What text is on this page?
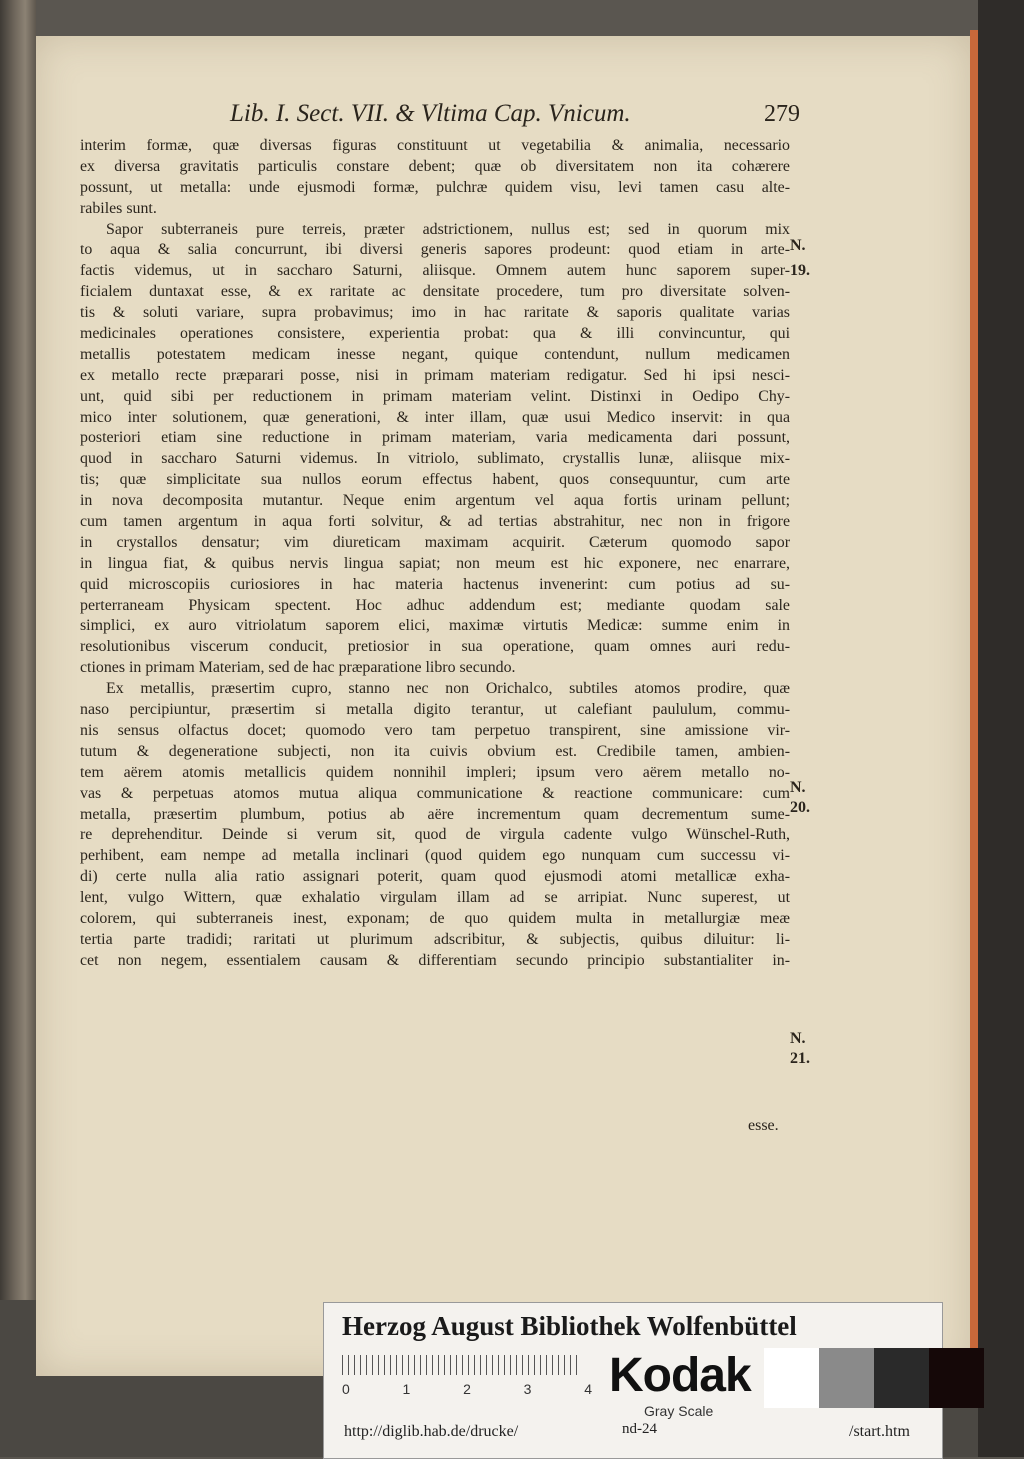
Lib. I. Sect. VII. & Vltima Cap. Vnicum.	279
interim formæ, quæ diversas figuras constituunt ut vegetabilia & animalia, necessario
ex diversa gravitatis particulis constare debent; quæ ob diversitatem non ita cohærere
possunt, ut metalla: unde ejusmodi formæ, pulchræ quidem visu, levi tamen casu alte-
rabiles sunt.
Sapor subterraneis pure terreis, præter adstrictionem, nullus est; sed in quorum mix
to aqua & salia concurrunt, ibi diversi generis sapores prodeunt: quod etiam in arte-
factis videmus, ut in saccharo Saturni, aliisque. Omnem autem hunc saporem super-
ficialem duntaxat esse, & ex raritate ac densitate procedere, tum pro diversitate solven-
tis & soluti variare, supra probavimus; imo in hac raritate & saporis qualitate varias
medicinales operationes consistere, experientia probat: qua & illi convincuntur, qui
metallis potestatem medicam inesse negant, quique contendunt, nullum medicamen
ex metallo recte præparari posse, nisi in primam materiam redigatur. Sed hi ipsi nesci-
unt, quid sibi per reductionem in primam materiam velint. Distinxi in Oedipo Chy-
mico inter solutionem, quæ generationi, & inter illam, quæ usui Medico inservit: in qua
posteriori etiam sine reductione in primam materiam, varia medicamenta dari possunt,
quod in saccharo Saturni videmus. In vitriolo, sublimato, crystallis lunæ, aliisque mix-
tis; quæ simplicitate sua nullos eorum effectus habent, quos consequuntur, cum arte
in nova decomposita mutantur. Neque enim argentum vel aqua fortis urinam pellunt;
cum tamen argentum in aqua forti solvitur, & ad tertias abstrahitur, nec non in frigore
in crystallos densatur; vim diureticam maximam acquirit. Cæterum quomodo sapor
in lingua fiat, & quibus nervis lingua sapiat; non meum est hic exponere, nec enarrare,
quid microscopiis curiosiores in hac materia hactenus invenerint: cum potius ad su-
perterraneam Physicam spectent. Hoc adhuc addendum est; mediante quodam sale
simplici, ex auro vitriolatum saporem elici, maximæ virtutis Medicæ: summe enim in
resolutionibus viscerum conducit, pretiosior in sua operatione, quam omnes auri redu-
ctiones in primam Materiam, sed de hac præparatione libro secundo.
Ex metallis, præsertim cupro, stanno nec non Orichalco, subtiles atomos prodire, quæ
naso percipiuntur, præsertim si metalla digito terantur, ut calefiant paululum, commu-
nis sensus olfactus docet; quomodo vero tam perpetuo transpirent, sine amissione vir-
tutum & degeneratione subjecti, non ita cuivis obvium est. Credibile tamen, ambien-
tem aërem atomis metallicis quidem nonnihil impleri; ipsum vero aërem metallo no-
vas & perpetuas atomos mutua aliqua communicatione & reactione communicare: cum
metalla, præsertim plumbum, potius ab aëre incrementum quam decrementum sume-
re deprehenditur. Deinde si verum sit, quod de virgula cadente vulgo Wünschel-Ruth,
perhibent, eam nempe ad metalla inclinari (quod quidem ego nunquam cum successu vi-
di) certe nulla alia ratio assignari poterit, quam quod ejusmodi atomi metallicæ exha-
lent, vulgo Wittern, quæ exhalatio virgulam illam ad se arripiat. Nunc superest, ut
colorem, qui subterraneis inest, exponam; de quo quidem multa in metallurgiæ meæ
tertia parte tradidi; raritati ut plurimum adscribitur, & subjectis, quibus diluitur: li-
cet non negem, essentialem causam & differentiam secundo principio substantialiter in-
N.
19.
N.
20.
N.
21.
esse.
Herzog August Bibliothek Wolfenbüttel
0	1	2	3	4 Kodak
Gray Scale
http://diglib.hab.de/drucke/	nd-24	/start.htm
